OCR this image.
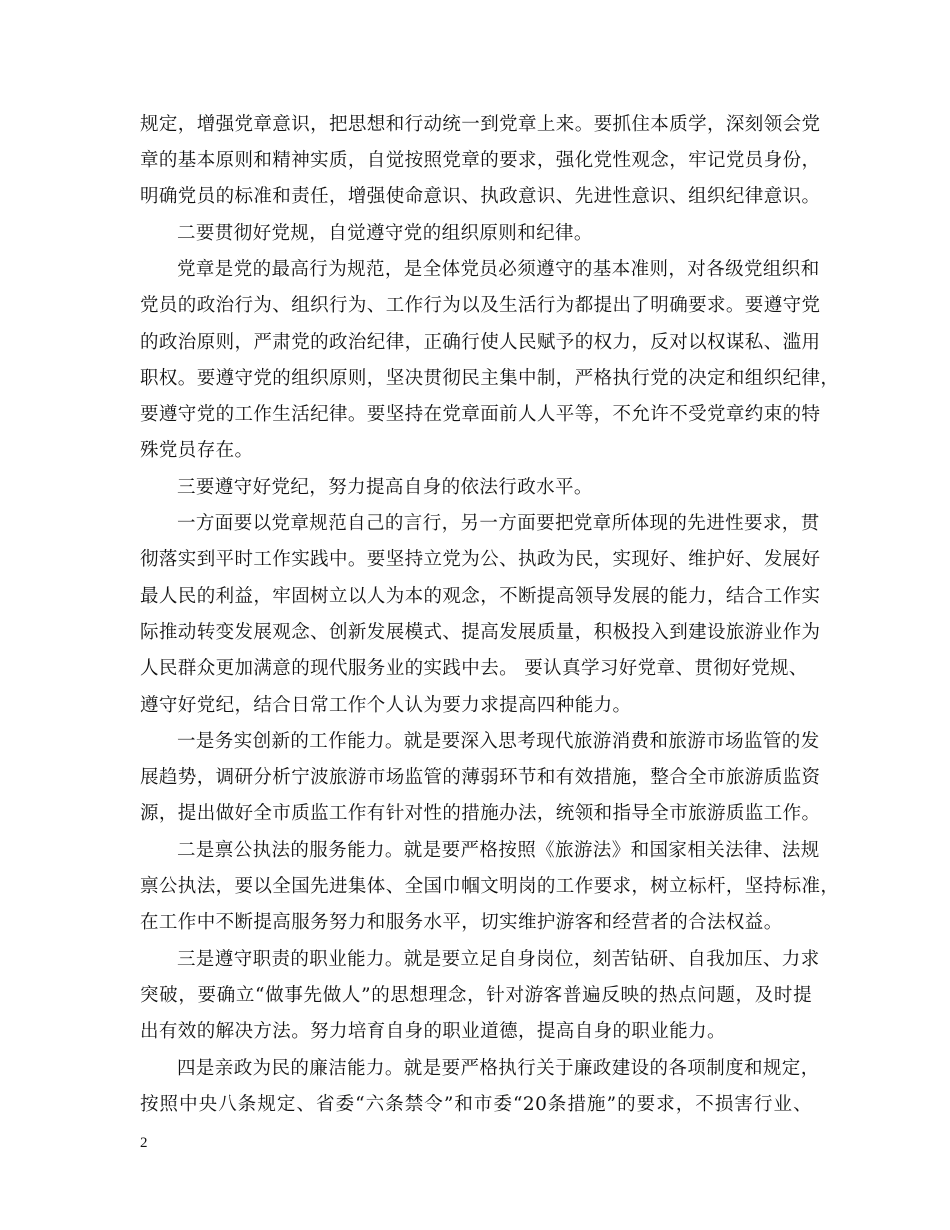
规定，增强党章意识，把思想和行动统一到党章上来。要抓住本质学，深刻领会党
章的基本原则和精神实质，自觉按照党章的要求，强化党性观念，牢记党员身份，
明确党员的标准和责任，增强使命意识、执政意识、先进性意识、组织纪律意识。
二要贯彻好党规，自觉遵守党的组织原则和纪律。
党章是党的最高行为规范，是全体党员必须遵守的基本准则，对各级党组织和
党员的政治行为、组织行为、工作行为以及生活行为都提出了明确要求。要遵守党
的政治原则，严肃党的政治纪律，正确行使人民赋予的权力，反对以权谋私、滥用
职权。要遵守党的组织原则，坚决贯彻民主集中制，严格执行党的决定和组织纪律，
要遵守党的工作生活纪律。要坚持在党章面前人人平等，不允许不受党章约束的特
殊党员存在。
三要遵守好党纪，努力提高自身的依法行政水平。
一方面要以党章规范自己的言行，另一方面要把党章所体现的先进性要求，贯
彻落实到平时工作实践中。要坚持立党为公、执政为民，实现好、维护好、发展好
最人民的利益，牢固树立以人为本的观念，不断提高领导发展的能力，结合工作实
际推动转变发展观念、创新发展模式、提高发展质量，积极投入到建设旅游业作为
人民群众更加满意的现代服务业的实践中去。 要认真学习好党章、贯彻好党规、
遵守好党纪，结合日常工作个人认为要力求提高四种能力。
一是务实创新的工作能力。就是要深入思考现代旅游消费和旅游市场监管的发
展趋势，调研分析宁波旅游市场监管的薄弱环节和有效措施，整合全市旅游质监资
源，提出做好全市质监工作有针对性的措施办法，统领和指导全市旅游质监工作。
二是禀公执法的服务能力。就是要严格按照《旅游法》和国家相关法律、法规
禀公执法，要以全国先进集体、全国巾帼文明岗的工作要求，树立标杆，坚持标准，
在工作中不断提高服务努力和服务水平，切实维护游客和经营者的合法权益。
三是遵守职责的职业能力。就是要立足自身岗位，刻苦钻研、自我加压、力求
突破，要确立“做事先做人”的思想理念，针对游客普遍反映的热点问题，及时提
出有效的解决方法。努力培育自身的职业道德，提高自身的职业能力。
四是亲政为民的廉洁能力。就是要严格执行关于廉政建设的各项制度和规定，
按照中央八条规定、省委“六条禁令”和市委“20条措施”的要求，不损害行业、
2
